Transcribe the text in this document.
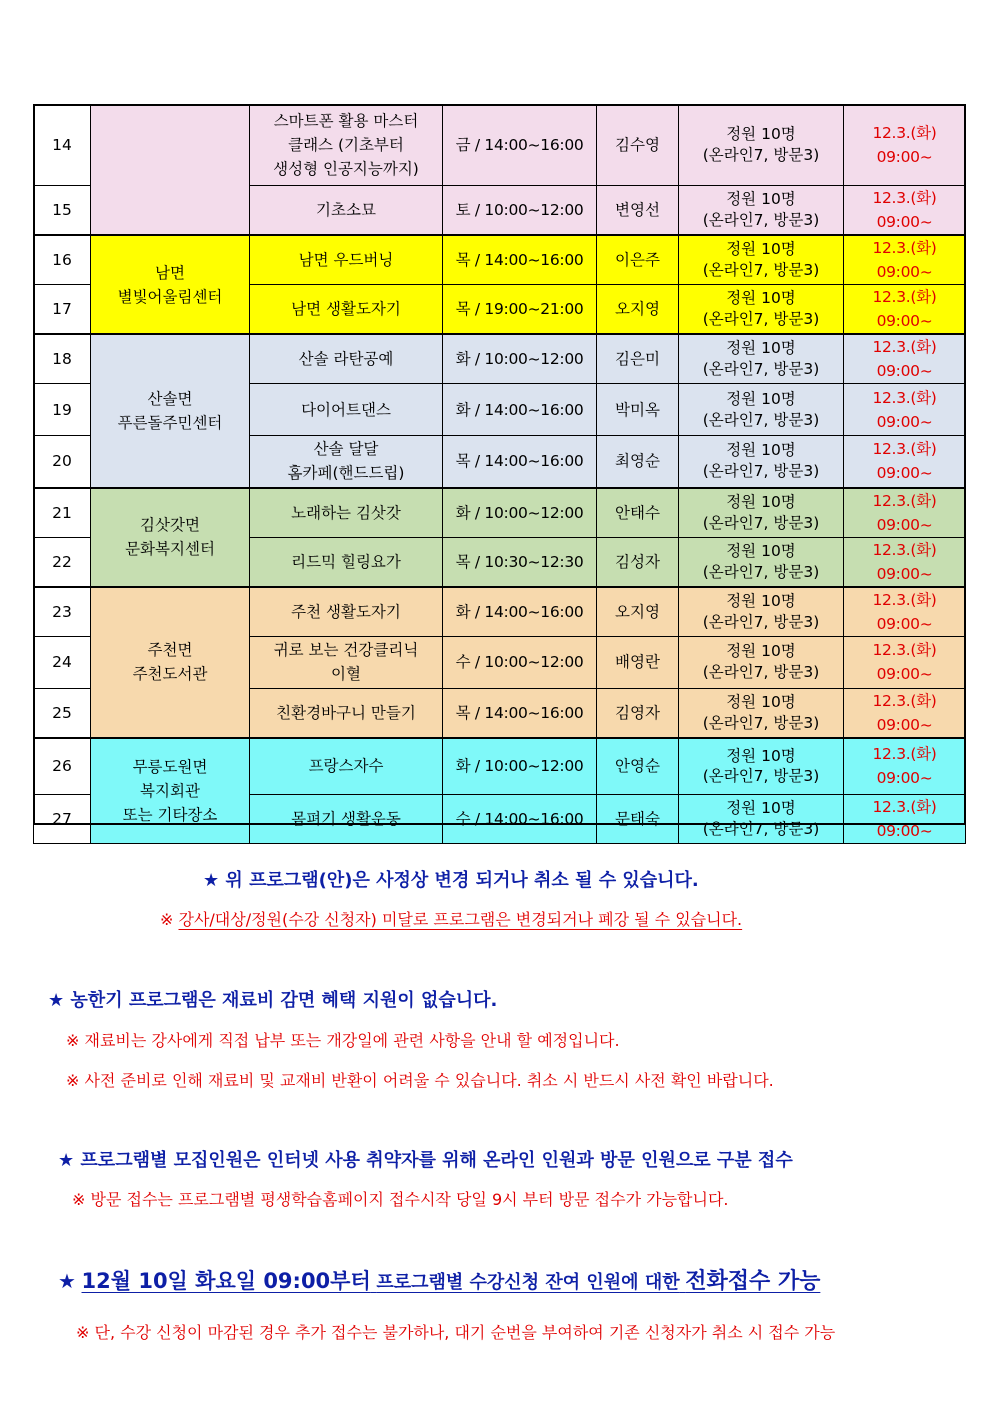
14		스마트폰 활용 마스터
클래스 (기초부터
생성형 인공지능까지)	금 / 14:00~16:00	김수영	정원 10명
(온라인7, 방문3)	12.3.(화) 09:00~
15		기초소묘	토 / 10:00~12:00	변영선	정원 10명
(온라인7, 방문3)	12.3.(화) 09:00~
16	남면
별빛어울림센터	남면 우드버닝	목 / 14:00~16:00	이은주	정원 10명
(온라인7, 방문3)	12.3.(화) 09:00~
17		남면 생활도자기	목 / 19:00~21:00	오지영	정원 10명
(온라인7, 방문3)	12.3.(화) 09:00~
18	산솔면
푸른돌주민센터	산솔 라탄공예	화 / 10:00~12:00	김은미	정원 10명
(온라인7, 방문3)	12.3.(화) 09:00~
19		다이어트댄스	화 / 14:00~16:00	박미옥	정원 10명
(온라인7, 방문3)	12.3.(화) 09:00~
20		산솔 달달
홈카페(핸드드립)	목 / 14:00~16:00	최영순	정원 10명
(온라인7, 방문3)	12.3.(화) 09:00~
21	김삿갓면
문화복지센터	노래하는 김삿갓	화 / 10:00~12:00	안태수	정원 10명
(온라인7, 방문3)	12.3.(화) 09:00~
22		리드믹 힐링요가	목 / 10:30~12:30	김성자	정원 10명
(온라인7, 방문3)	12.3.(화) 09:00~
23	주천면
주천도서관	주천 생활도자기	화 / 14:00~16:00	오지영	정원 10명
(온라인7, 방문3)	12.3.(화) 09:00~
24		귀로 보는 건강클리닉
이혈	수 / 10:00~12:00	배영란	정원 10명
(온라인7, 방문3)	12.3.(화) 09:00~
25		친환경바구니 만들기	목 / 14:00~16:00	김영자	정원 10명
(온라인7, 방문3)	12.3.(화) 09:00~
26	무릉도원면
복지회관
또는 기타장소	프랑스자수	화 / 10:00~12:00	안영순	정원 10명
(온라인7, 방문3)	12.3.(화) 09:00~
27		몸펴기 생활운동	수 / 14:00~16:00	문태숙	정원 10명
(온라인7, 방문3)	12.3.(화) 09:00~
★ 위 프로그램(안)은 사정상 변경 되거나 취소 될 수 있습니다.
※ 강사/대상/정원(수강 신청자) 미달로 프로그램은 변경되거나 폐강 될 수 있습니다.
★ 농한기 프로그램은 재료비 감면 혜택 지원이 없습니다.
※ 재료비는 강사에게 직접 납부 또는 개강일에 관련 사항을 안내 할 예정입니다.
※ 사전 준비로 인해 재료비 및 교재비 반환이 어려울 수 있습니다. 취소 시 반드시 사전 확인 바랍니다.
★ 프로그램별 모집인원은 인터넷 사용 취약자를 위해 온라인 인원과 방문 인원으로 구분 접수
※ 방문 접수는 프로그램별 평생학습홈페이지 접수시작 당일 9시 부터 방문 접수가 가능합니다.
★ 12월 10일 화요일 09:00부터 프로그램별 수강신청 잔여 인원에 대한 전화접수 가능
※ 단, 수강 신청이 마감된 경우 추가 접수는 불가하나, 대기 순번을 부여하여 기존 신청자가 취소 시 접수 가능
